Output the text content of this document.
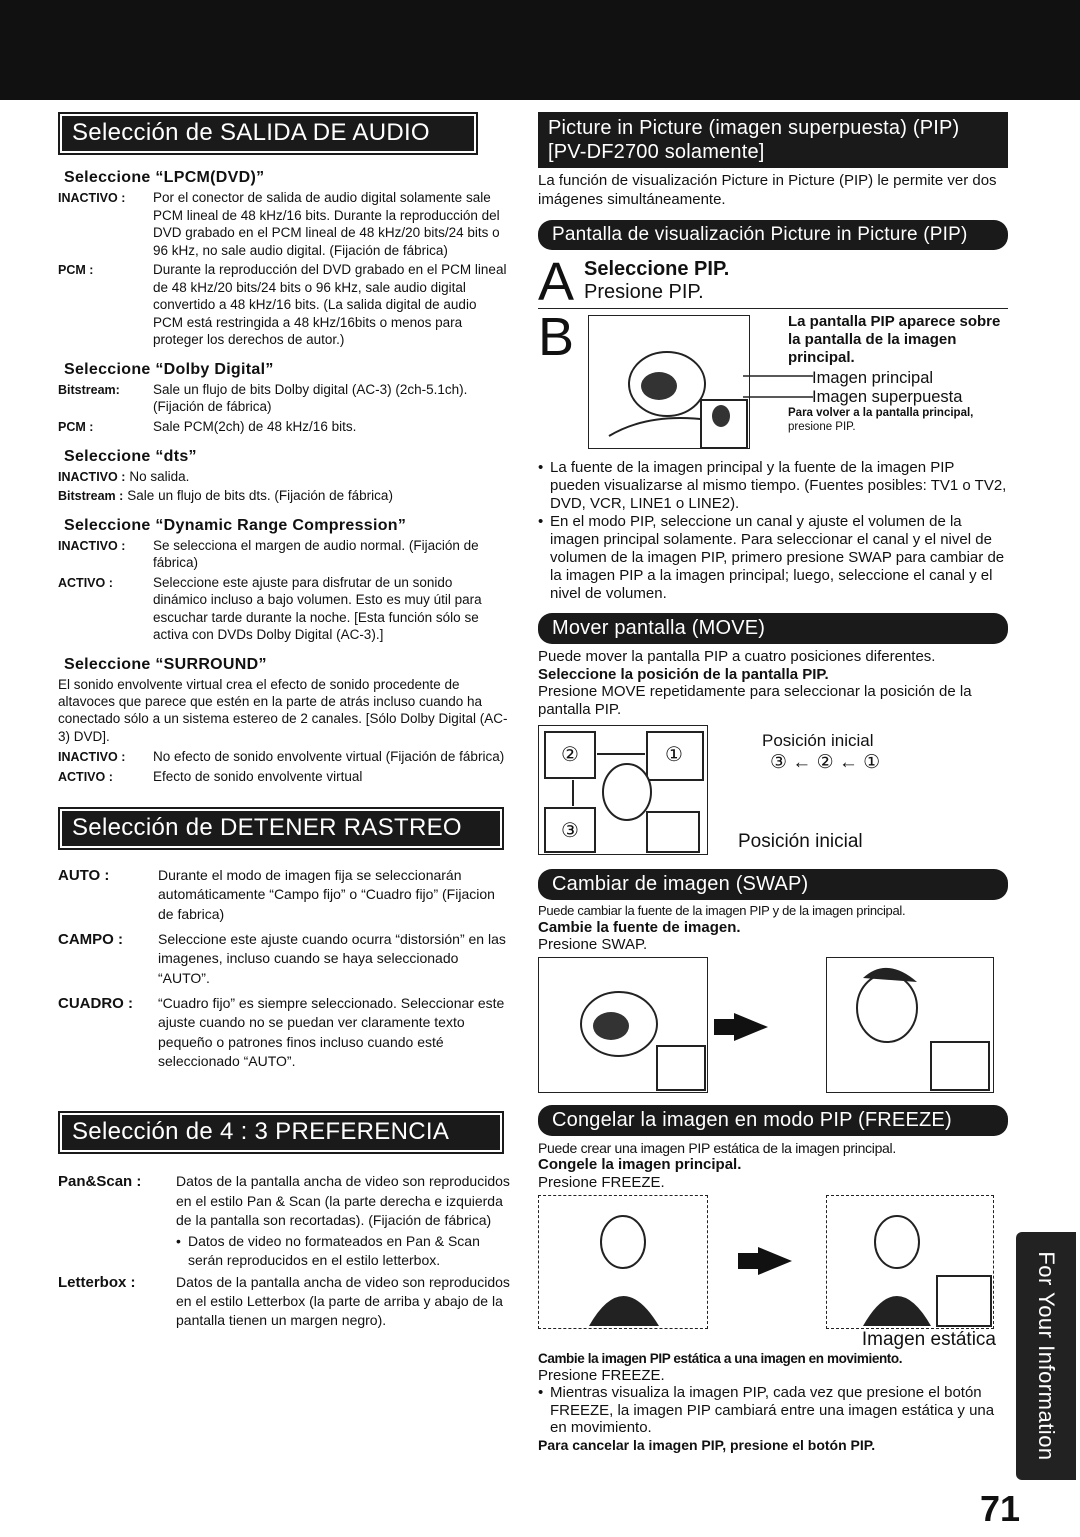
Selección de SALIDA DE AUDIO
Seleccione “LPCM(DVD)”
INACTIVO :	Por el conector de salida de audio digital solamente sale PCM lineal de 48 kHz/16 bits. Durante la reproducción del DVD grabado en el PCM lineal de 48 kHz/20 bits/24 bits o 96 kHz, no sale audio digital. (Fijación de fábrica)
PCM :	Durante la reproducción del DVD grabado en el PCM lineal de 48 kHz/20 bits/24 bits o 96 kHz, sale audio digital convertido a 48 kHz/16 bits. (La salida digital de audio PCM está restringida a 48 kHz/16bits o menos para proteger los derechos de autor.)
Seleccione “Dolby Digital”
Bitstream:	Sale un flujo de bits Dolby digital (AC-3) (2ch-5.1ch). (Fijación de fábrica)
PCM :	Sale PCM(2ch) de 48 kHz/16 bits.
Seleccione “dts”
INACTIVO : No salida.
Bitstream : Sale un flujo de bits dts. (Fijación de fábrica)
Seleccione “Dynamic Range Compression”
INACTIVO :	Se selecciona el margen de audio normal. (Fijación de fábrica)
ACTIVO :	Seleccione este ajuste para disfrutar de un sonido dinámico incluso a bajo volumen. Esto es muy útil para escuchar tarde durante la noche. [Esta función sólo se activa con DVDs Dolby Digital (AC-3).]
Seleccione “SURROUND”
El sonido envolvente virtual crea el efecto de sonido procedente de altavoces que parece que estén en la parte de atrás incluso cuando ha conectado sólo a un sistema estereo de 2 canales. [Sólo Dolby Digital (AC-3) DVD].
INACTIVO :	No efecto de sonido envolvente virtual (Fijación de fábrica)
ACTIVO :	Efecto de sonido envolvente virtual
Selección de DETENER RASTREO
AUTO :	Durante el modo de imagen fija se seleccionarán automáticamente “Campo fijo” o “Cuadro fijo” (Fijacion de fabrica)
CAMPO :	Seleccione este ajuste cuando ocurra “distorsión” en las imagenes, incluso cuando se haya seleccionado “AUTO”.
CUADRO :	“Cuadro fijo” es siempre seleccionado. Seleccionar este ajuste cuando no se puedan ver claramente texto pequeño o patrones finos incluso cuando esté seleccionado “AUTO”.
Selección de 4 : 3 PREFERENCIA
Pan&Scan :	Datos de la pantalla ancha de video son reproducidos en el estilo Pan & Scan (la parte derecha e izquierda de la pantalla son recortadas). (Fijación de fábrica)
• Datos de video no formateados en Pan & Scan serán reproducidos en el estilo letterbox.
Letterbox :	Datos de la pantalla ancha de video son reproducidos en el estilo Letterbox (la parte de arriba y abajo de la pantalla tienen un margen negro).
Picture in Picture (imagen superpuesta) (PIP)
[PV-DF2700 solamente]
La función de visualización Picture in Picture (PIP) le permite ver dos imágenes simultáneamente.
Pantalla de visualización Picture in Picture (PIP)
A Seleccione PIP.
Presione PIP.
B	La pantalla PIP aparece sobre la pantalla de la imagen principal.
Imagen principal
Imagen superpuesta
Para volver a la pantalla principal, presione PIP.
• La fuente de la imagen principal y la fuente de la imagen PIP pueden visualizarse al mismo tiempo. (Fuentes posibles: TV1 o TV2, DVD, VCR, LINE1 o LINE2).
• En el modo PIP, seleccione un canal y ajuste el volumen de la imagen principal solamente. Para seleccionar el canal y el nivel de volumen de la imagen PIP, primero presione SWAP para cambiar de la imagen PIP a la imagen principal; luego, seleccione el canal y el nivel de volumen.
Mover pantalla (MOVE)
Puede mover la pantalla PIP a cuatro posiciones diferentes.
Seleccione la posición de la pantalla PIP.
Presione MOVE repetidamente para seleccionar la posición de la pantalla PIP.
②	①
③
Posición inicial
③ ← ② ← ①
Posición inicial
Cambiar de imagen (SWAP)
Puede cambiar la fuente de la imagen PIP y de la imagen principal.
Cambie la fuente de imagen.
Presione SWAP.
Congelar la imagen en modo PIP (FREEZE)
Puede crear una imagen PIP estática de la imagen principal.
Congele la imagen principal.
Presione FREEZE.
Imagen estática
Cambie la imagen PIP estática a una imagen en movimiento.
Presione FREEZE.
• Mientras visualiza la imagen PIP, cada vez que presione el botón FREEZE, la imagen PIP cambiará entre una imagen estática y una en movimiento.
Para cancelar la imagen PIP, presione el botón PIP.	For Your Information
71
